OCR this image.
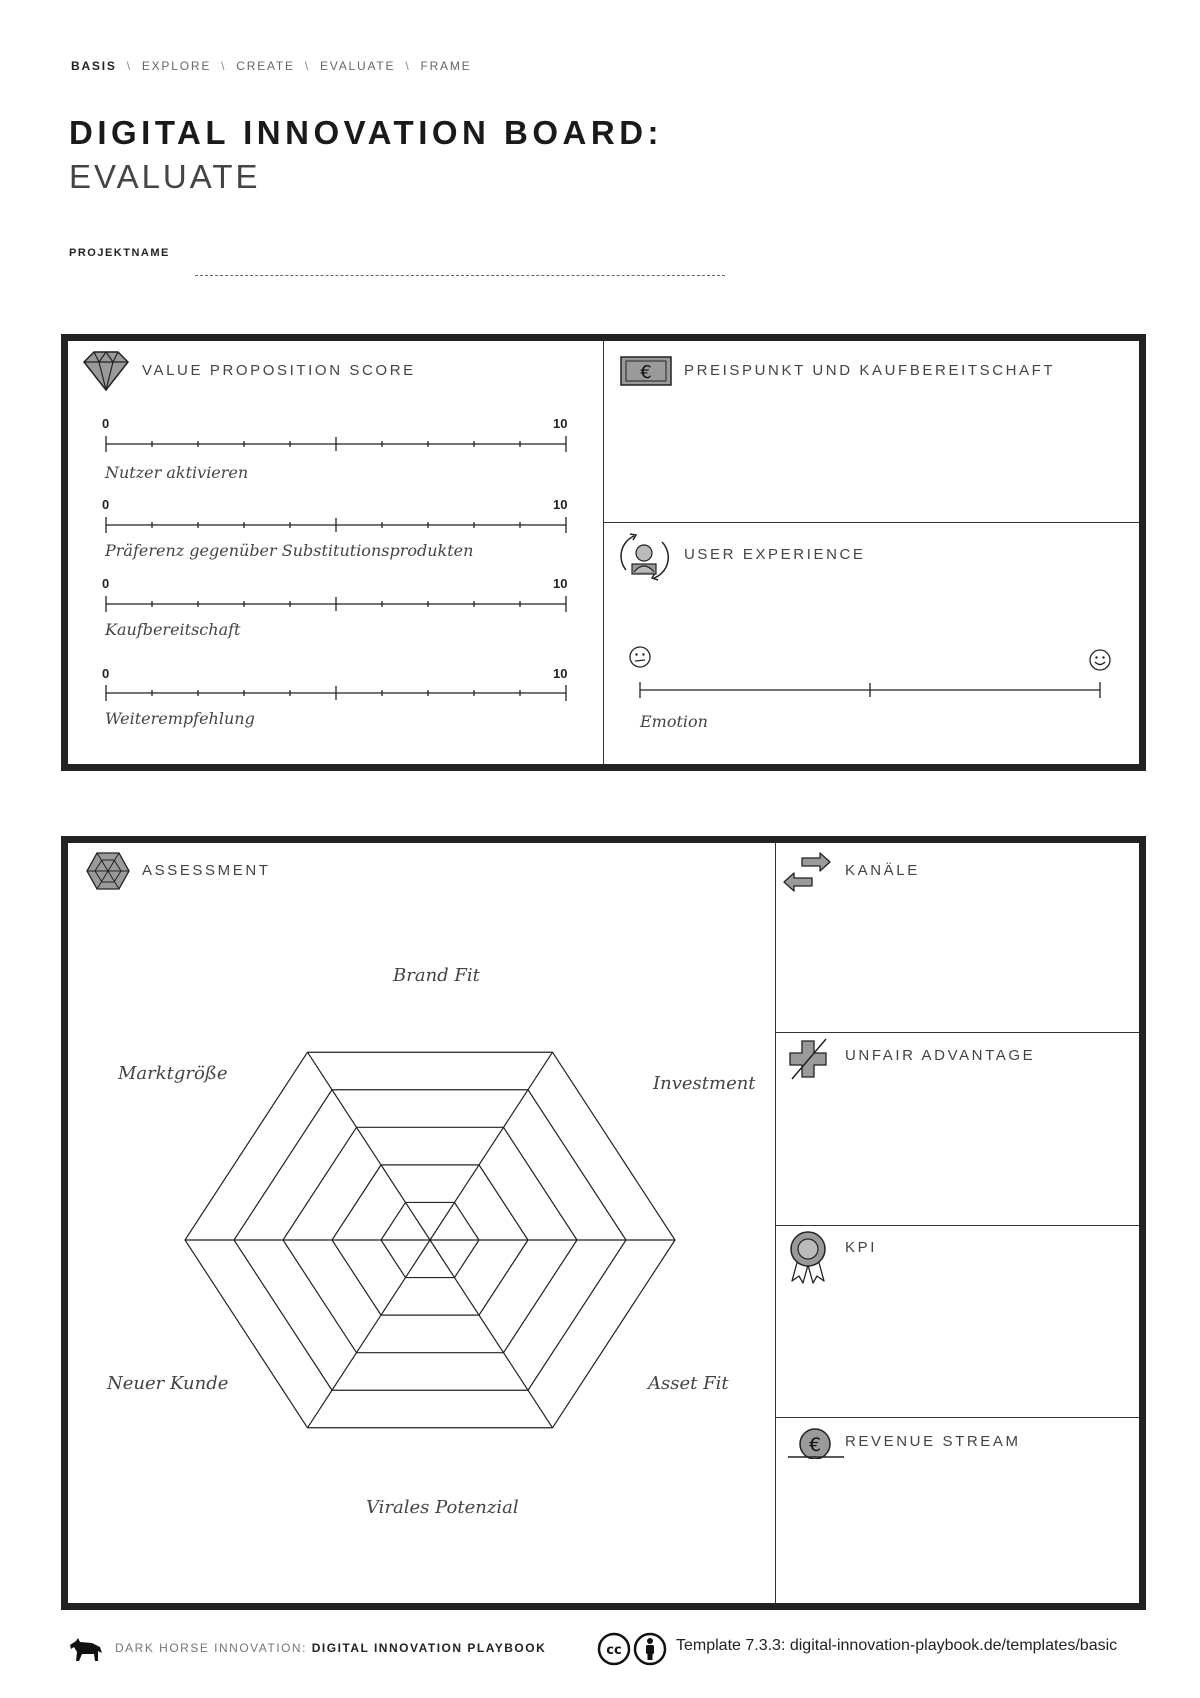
BASIS \ EXPLORE \ CREATE \ EVALUATE \ FRAME
DIGITAL INNOVATION BOARD:
EVALUATE
PROJEKTNAME
VALUE PROPOSITION SCORE
0	10
Nutzer aktivieren
0	10
Präferenz gegenüber Substitutionsprodukten
0	10
Kaufbereitschaft
0	10
Weiterempfehlung
€ PREISPUNKT UND KAUFBEREITSCHAFT
USER EXPERIENCE
Emotion
ASSESSMENT
Brand Fit
Investment
Asset Fit
Virales Potenzial
Neuer Kunde
Marktgröße
KANÄLE
UNFAIR ADVANTAGE
KPI
€ REVENUE STREAM
DARK HORSE INNOVATION: DIGITAL INNOVATION PLAYBOOK	cc	Template 7.3.3: digital-innovation-playbook.de/templates/basic
